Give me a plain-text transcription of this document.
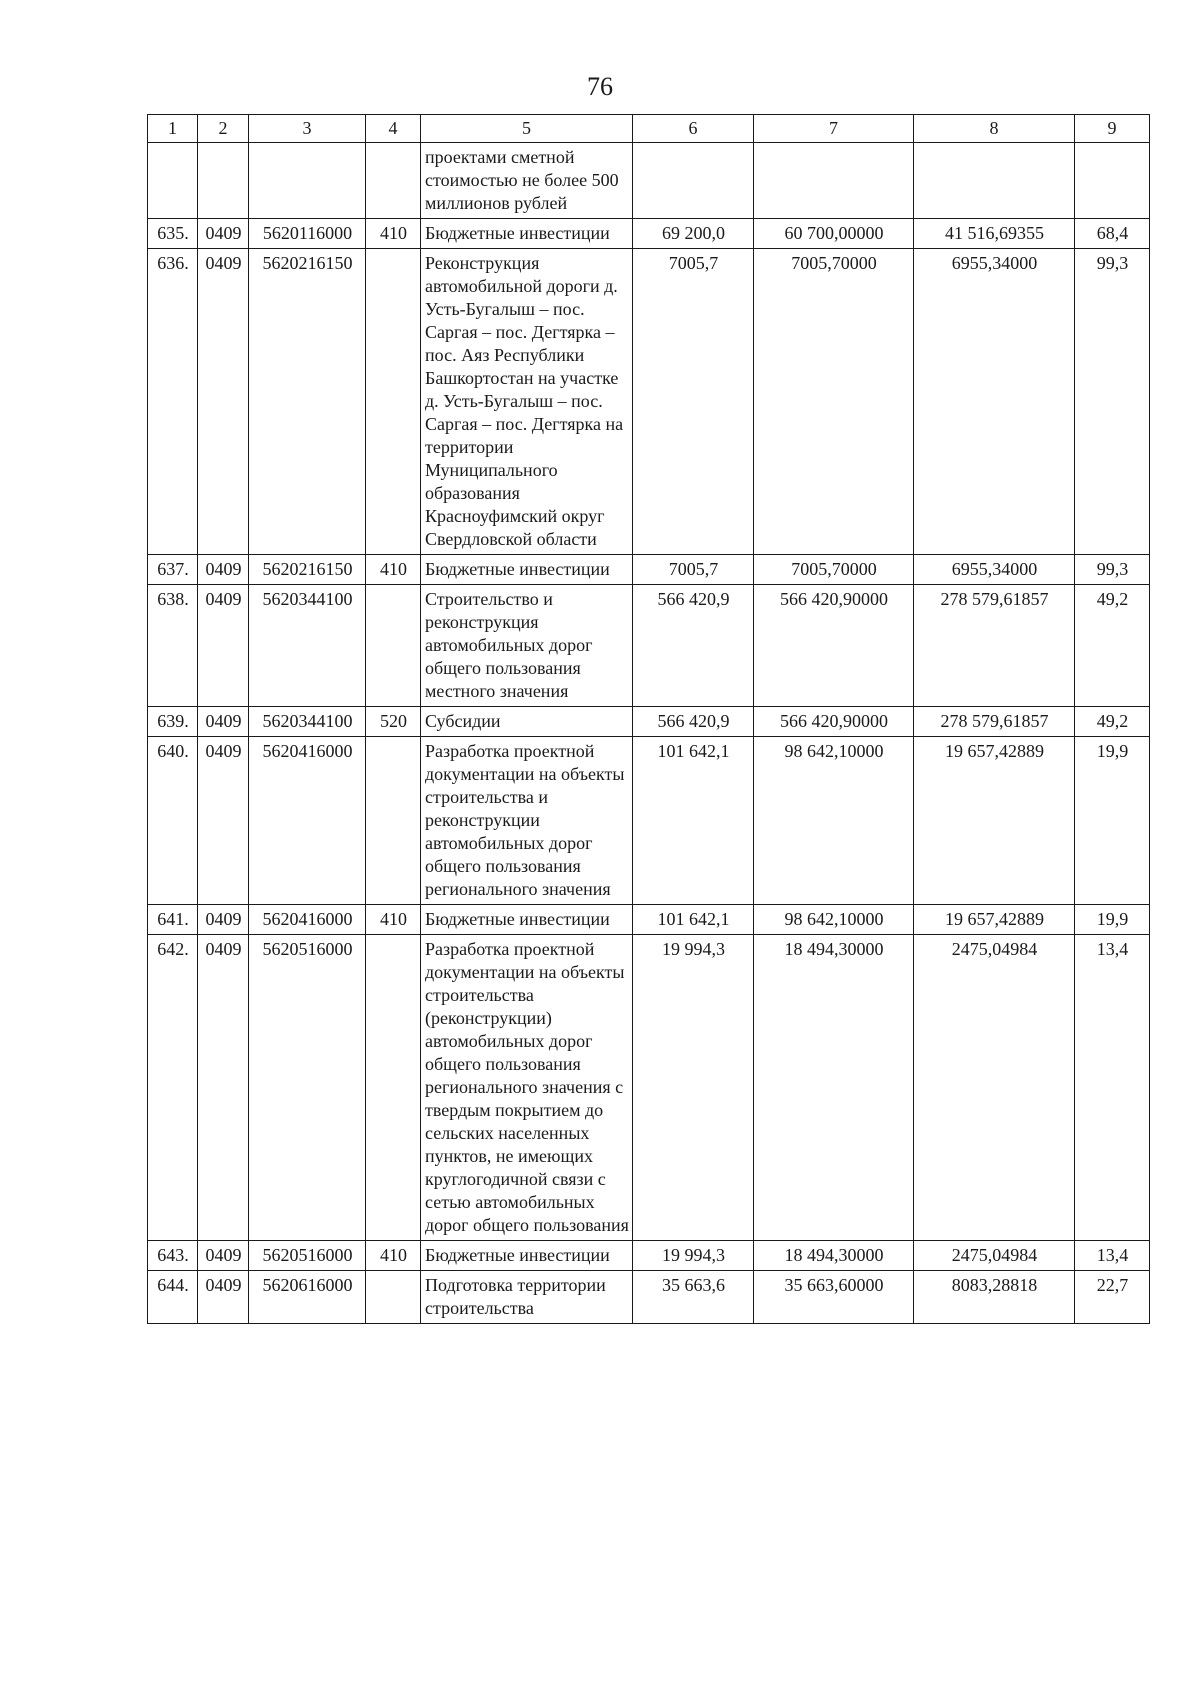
76
1	2	3	4	5	6	7	8	9
				проектами сметной стоимостью не более 500 миллионов рублей				
635.	0409	5620116000	410	Бюджетные инвестиции	69 200,0	60 700,00000	41 516,69355	68,4
636.	0409	5620216150		Реконструкция автомобильной дороги д. Усть-Бугалыш – пос. Саргая – пос. Дегтярка – пос. Аяз Республики Башкортостан на участке д. Усть-Бугалыш – пос. Саргая – пос. Дегтярка на территории Муниципального образования Красноуфимский округ Свердловской области	7005,7	7005,70000	6955,34000	99,3
637.	0409	5620216150	410	Бюджетные инвестиции	7005,7	7005,70000	6955,34000	99,3
638.	0409	5620344100		Строительство и реконструкция автомобильных дорог общего пользования местного значения	566 420,9	566 420,90000	278 579,61857	49,2
639.	0409	5620344100	520	Субсидии	566 420,9	566 420,90000	278 579,61857	49,2
640.	0409	5620416000		Разработка проектной документации на объекты строительства и реконструкции автомобильных дорог общего пользования регионального значения	101 642,1	98 642,10000	19 657,42889	19,9
641.	0409	5620416000	410	Бюджетные инвестиции	101 642,1	98 642,10000	19 657,42889	19,9
642.	0409	5620516000		Разработка проектной документации на объекты строительства (реконструкции) автомобильных дорог общего пользования регионального значения с твердым покрытием до сельских населенных пунктов, не имеющих круглогодичной связи с сетью автомобильных дорог общего пользования	19 994,3	18 494,30000	2475,04984	13,4
643.	0409	5620516000	410	Бюджетные инвестиции	19 994,3	18 494,30000	2475,04984	13,4
644.	0409	5620616000		Подготовка территории строительства	35 663,6	35 663,60000	8083,28818	22,7
